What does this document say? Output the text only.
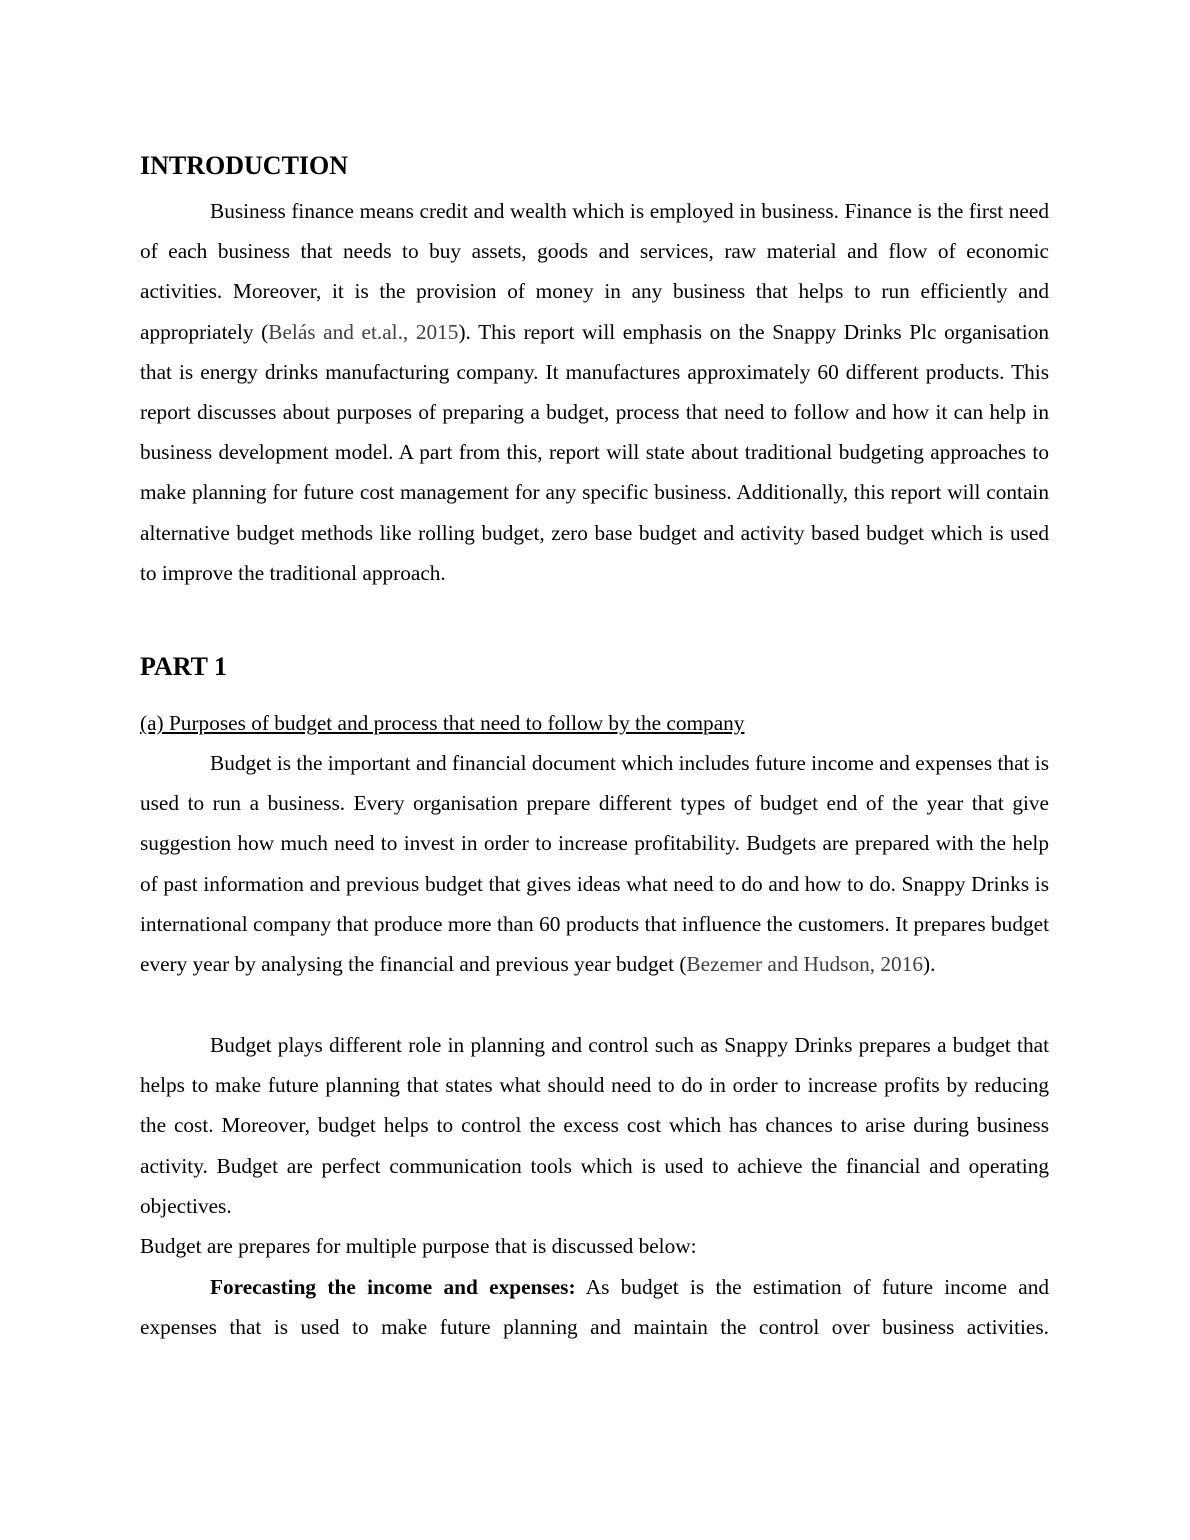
INTRODUCTION

Business finance means credit and wealth which is employed in business. Finance is the first need of each business that needs to buy assets, goods and services, raw material and flow of economic activities. Moreover, it is the provision of money in any business that helps to run efficiently and appropriately (Belás and et.al., 2015). This report will emphasis on the Snappy Drinks Plc organisation that is energy drinks manufacturing company. It manufactures approximately 60 different products. This report discusses about purposes of preparing a budget, process that need to follow and how it can help in business development model. A part from this, report will state about traditional budgeting approaches to make planning for future cost management for any specific business. Additionally, this report will contain alternative budget methods like rolling budget, zero base budget and activity based budget which is used to improve the traditional approach.

PART 1

(a) Purposes of budget and process that need to follow by the company

Budget is the important and financial document which includes future income and expenses that is used to run a business. Every organisation prepare different types of budget end of the year that give suggestion how much need to invest in order to increase profitability. Budgets are prepared with the help of past information and previous budget that gives ideas what need to do and how to do. Snappy Drinks is international company that produce more than 60 products that influence the customers. It prepares budget every year by analysing the financial and previous year budget (Bezemer and Hudson, 2016).

Budget plays different role in planning and control such as Snappy Drinks prepares a budget that helps to make future planning that states what should need to do in order to increase profits by reducing the cost. Moreover, budget helps to control the excess cost which has chances to arise during business activity. Budget are perfect communication tools which is used to achieve the financial and operating objectives.

Budget are prepares for multiple purpose that is discussed below:

Forecasting the income and expenses: As budget is the estimation of future income and expenses that is used to make future planning and maintain the control over business activities.
